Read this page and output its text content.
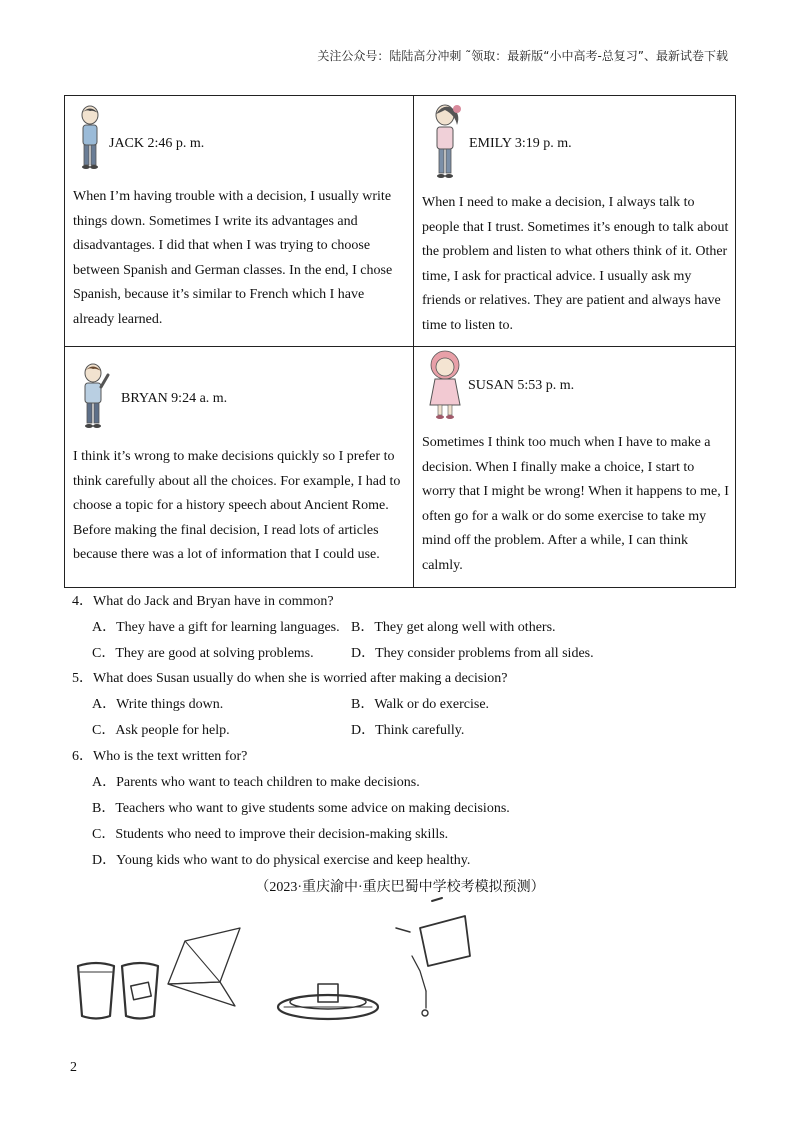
关注公众号：陆陆高分冲刺 ˜领取：最新版“小中高考-总复习”、最新试卷下载
JACK 2:46 p. m.

When I’m having trouble with a decision, I usually write things down. Sometimes I write its advantages and disadvantages. I did that when I was trying to choose between Spanish and German classes. In the end, I chose Spanish, because it’s similar to French which I have already learned.

EMILY 3:19 p. m.

When I need to make a decision, I always talk to people that I trust. Sometimes it’s enough to talk about the problem and listen to what others think of it. Other time, I ask for practical advice. I usually ask my friends or relatives. They are patient and always have time to listen to.

BRYAN 9:24 a. m.

I think it’s wrong to make decisions quickly so I prefer to think carefully about all the choices. For example, I had to choose a topic for a history speech about Ancient Rome. Before making the final decision, I read lots of articles because there was a lot of information that I could use.

SUSAN 5:53 p. m.

Sometimes I think too much when I have to make a decision. When I finally make a choice, I start to worry that I might be wrong! When it happens to me, I often go for a walk or do some exercise to take my mind off the problem. After a while, I can think calmly.

4．What do Jack and Bryan have in common?
A．They have a gift for learning languages. B．They get along well with others.
C．They are good at solving problems.	D．They consider problems from all sides.
5．What does Susan usually do when she is worried after making a decision?
A．Write things down.	B．Walk or do exercise.
C．Ask people for help.	D．Think carefully.
6．Who is the text written for?
A．Parents who want to teach children to make decisions.
B．Teachers who want to give students some advice on making decisions.
C．Students who need to improve their decision-making skills.
D．Young kids who want to do physical exercise and keep healthy.
（2023·重庆渝中·重庆巴蜀中学校考模拟预测）
2
